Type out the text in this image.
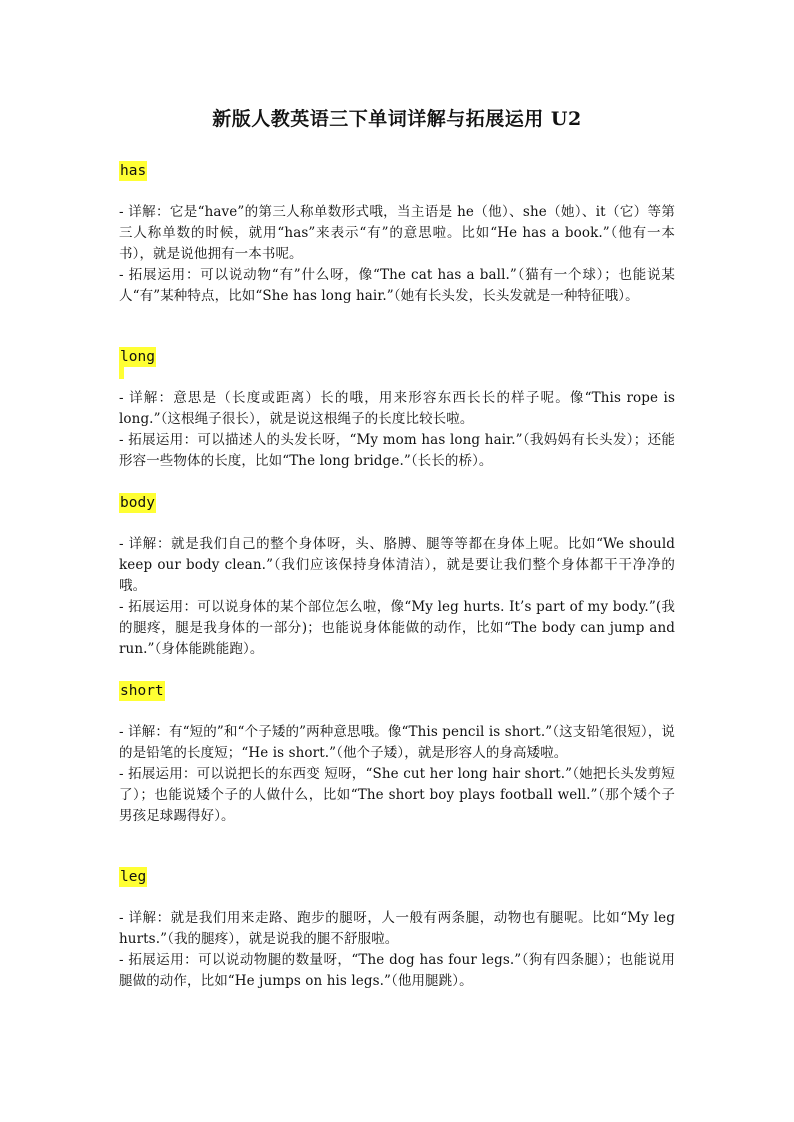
新版人教英语三下单词详解与拓展运用 U2
has

- 详解：它是“have”的第三人称单数形式哦，当主语是 he（他）、she（她）、it（它）等第三人称单数的时候，就用“has”来表示“有”的意思啦。比如“He has a book.”（他有一本书），就是说他拥有一本书呢。

- 拓展运用：可以说动物“有”什么呀，像“The cat has a ball.”（猫有一个球）；也能说某人“有”某种特点，比如“She has long hair.”（她有长头发，长头发就是一种特征哦）。

long

- 详解：意思是（长度或距离）长的哦，用来形容东西长长的样子呢。像“This rope is long.”（这根绳子很长），就是说这根绳子的长度比较长啦。

- 拓展运用：可以描述人的头发长呀，“My mom has long hair.”（我妈妈有长头发）；还能形容一些物体的长度，比如“The long bridge.”（长长的桥）。

body

- 详解：就是我们自己的整个身体呀，头、胳膊、腿等等都在身体上呢。比如“We should keep our body clean.”（我们应该保持身体清洁），就是要让我们整个身体都干干净净的哦。

- 拓展运用：可以说身体的某个部位怎么啦，像“My leg hurts. It’s part of my body.”(我的腿疼，腿是我身体的一部分)；也能说身体能做的动作，比如“The body can jump and run.”（身体能跳能跑）。

short

- 详解：有“短的”和“个子矮的”两种意思哦。像“This pencil is short.”（这支铅笔很短），说的是铅笔的长度短；“He is short.”（他个子矮），就是形容人的身高矮啦。

- 拓展运用：可以说把长的东西变 短呀，“She cut her long hair short.”（她把长头发剪短了）；也能说矮个子的人做什么，比如“The short boy plays football well.”（那个矮个子男孩足球踢得好）。

leg

- 详解：就是我们用来走路、跑步的腿呀，人一般有两条腿，动物也有腿呢。比如“My leg hurts.”（我的腿疼），就是说我的腿不舒服啦。

- 拓展运用：可以说动物腿的数量呀，“The dog has four legs.”（狗有四条腿）；也能说用腿做的动作，比如“He jumps on his legs.”（他用腿跳）。
